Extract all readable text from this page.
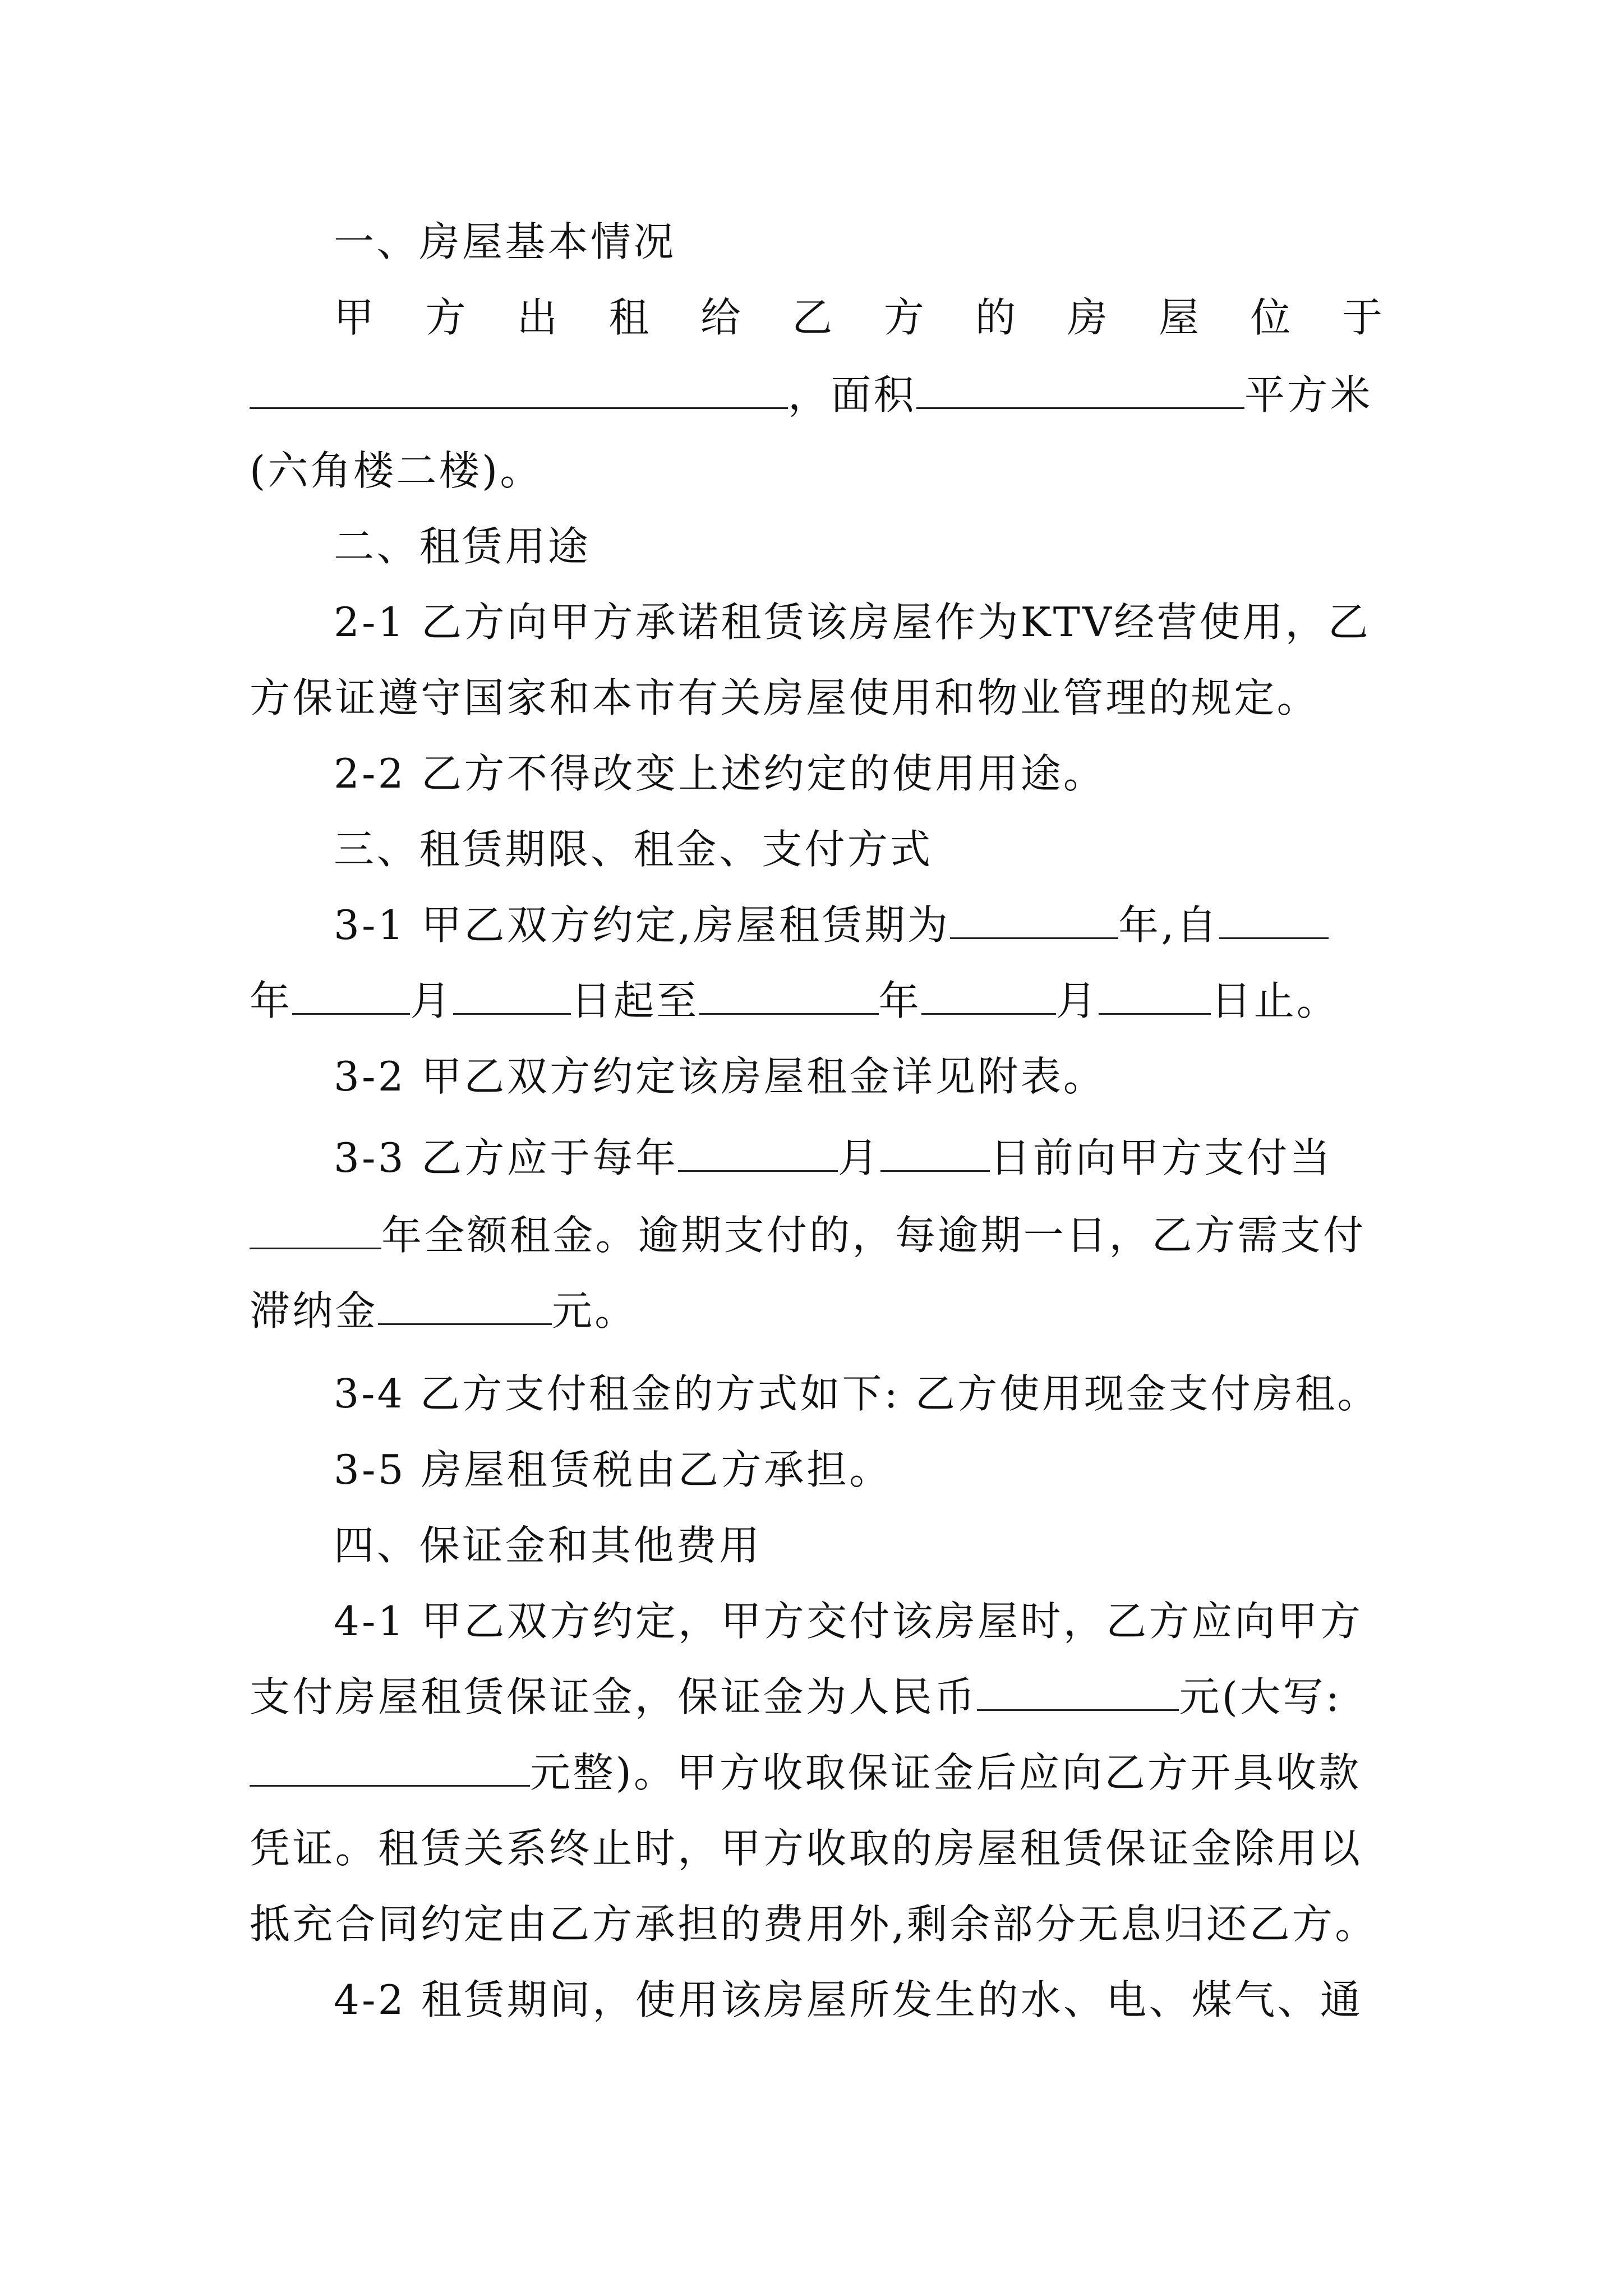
一、房屋基本情况
甲 方 出 租 给 乙 方 的 房 屋 位 于
，面积	平方米
(六角楼二楼)。
二、租赁用途
2-1 乙方向甲方承诺租赁该房屋作为KTV经营使用，乙
方保证遵守国家和本市有关房屋使用和物业管理的规定。
2-2 乙方不得改变上述约定的使用用途。
三、租赁期限、租金、支付方式
3-1 甲乙双方约定,房屋租赁期为	年,自
年	月	日起至	年	月	日止。
3-2 甲乙双方约定该房屋租金详见附表。
3-3 乙方应于每年	月	日前向甲方支付当
年全额租金。逾期支付的，每逾期一日，乙方需支付
滞纳金	元。
3-4 乙方支付租金的方式如下: 乙方使用现金支付房租。
3-5 房屋租赁税由乙方承担。
四、保证金和其他费用
4-1 甲乙双方约定，甲方交付该房屋时，乙方应向甲方
支付房屋租赁保证金，保证金为人民币	元(大写:
元整)。甲方收取保证金后应向乙方开具收款
凭证。租赁关系终止时，甲方收取的房屋租赁保证金除用以
抵充合同约定由乙方承担的费用外,剩余部分无息归还乙方。
4-2 租赁期间，使用该房屋所发生的水、电、煤气、通
